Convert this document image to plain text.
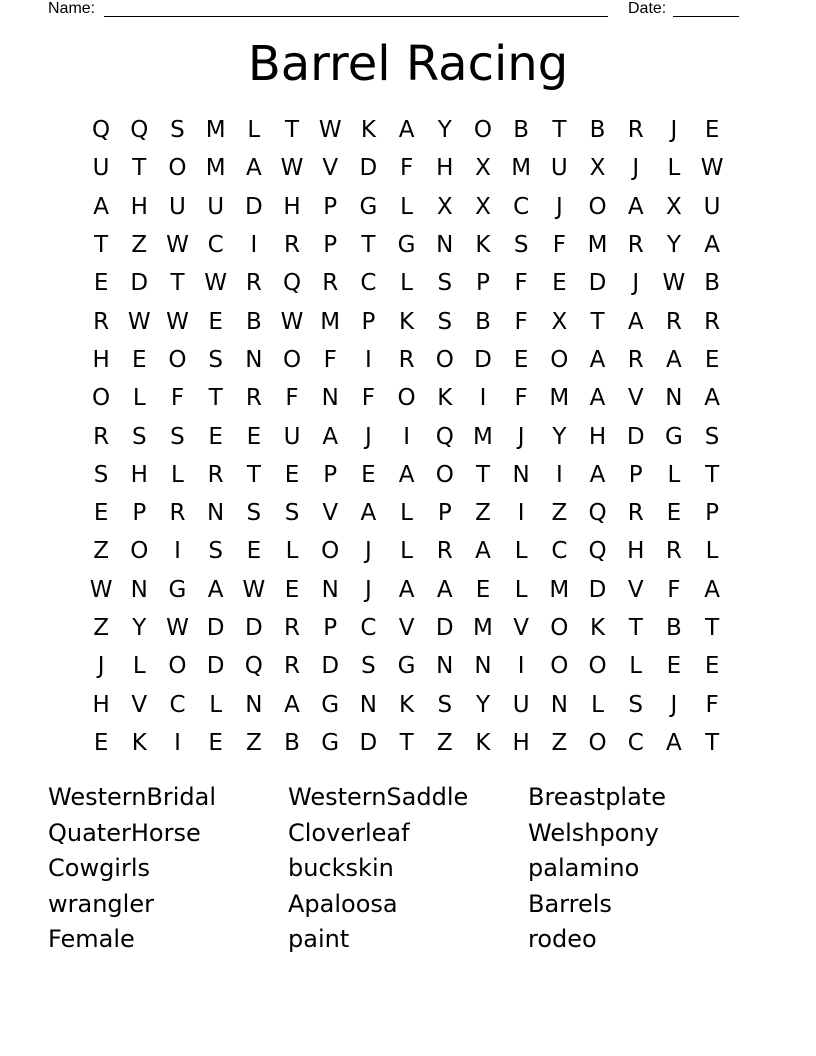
Name:	Date:
Barrel Racing
Q Q S M L	T W K A	Y O B	T	B R	J	E
U T O M A W V D F H X M U X	J	L W
A H U U D H P G L	X X C	J	O A X U
T	Z W C	I	R	P	T G N K	S	F M R	Y	A
E D T W R Q R C	L	S	P	F	E D	J	W B
R W W E	B W M P	K	S	B	F	X	T	A R R
H E O S N O F	I	R O D E O A R A	E
O L	F	T	R	F N F O K	I	F M A V N A
R S	S	E	E U A	J	I	Q M	J	Y H D G S
S H	L	R	T	E	P	E	A O T N	I	A	P	L	T
E	P	R N S	S	V A	L	P	Z	I	Z Q R E	P
Z O	I	S	E	L O	J	L	R A	L	C Q H R	L
W N G A W E N	J	A A	E	L M D V	F	A
Z	Y W D D R	P	C V D M V O K	T	B	T
J	L O D Q R D S G N N	I	O O L	E	E
H V C	L	N A G N K	S	Y U N	L	S	J	F
E	K	I	E	Z B G D T	Z K H Z O C A	T
WesternBridal	WesternSaddle	Breastplate
QuaterHorse	Cloverleaf	Welshpony
Cowgirls	buckskin	palamino
wrangler	Apaloosa	Barrels
Female	paint	rodeo
